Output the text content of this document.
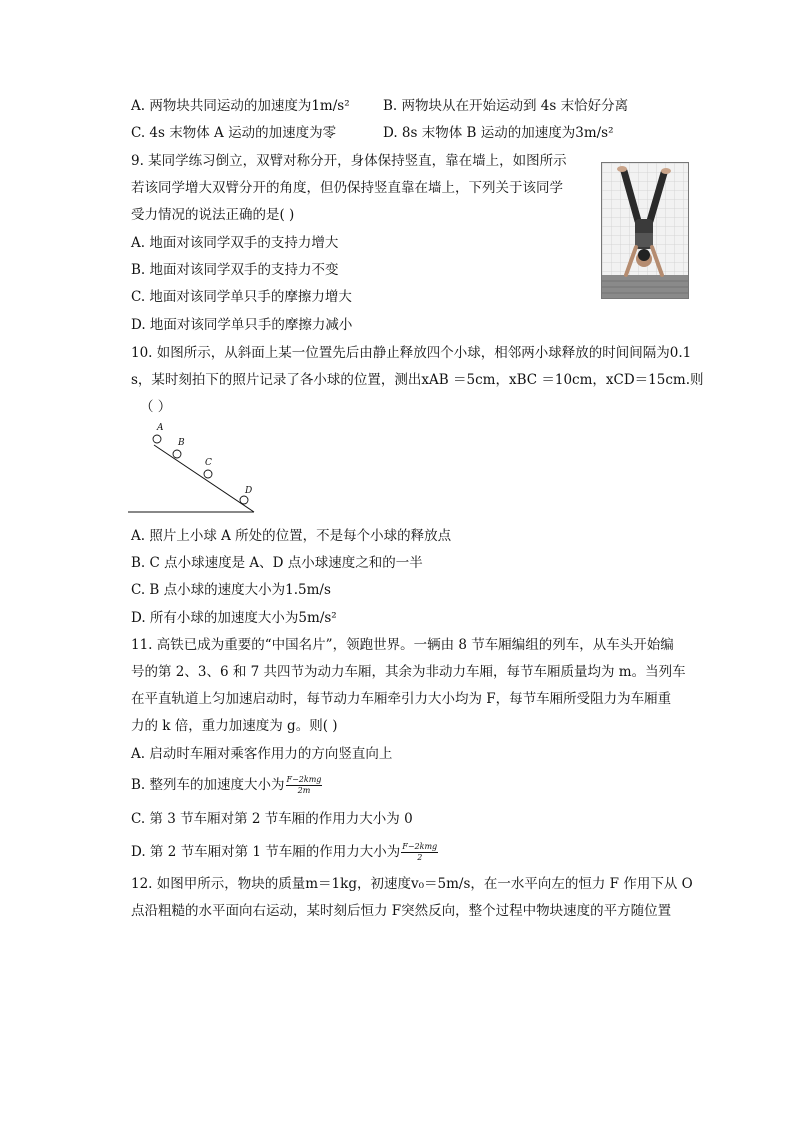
A. 两物块共同运动的加速度为1m/s² B. 两物块从在开始运动到 4s 末恰好分离
C. 4s 末物体 A 运动的加速度为零	D. 8s 末物体 B 运动的加速度为3m/s²
9. 某同学练习倒立，双臂对称分开，身体保持竖直，靠在墙上，如图所示
若该同学增大双臂分开的角度，但仍保持竖直靠在墙上，下列关于该同学
受力情况的说法正确的是( )
A. 地面对该同学双手的支持力增大
B. 地面对该同学双手的支持力不变
C. 地面对该同学单只手的摩擦力增大
D. 地面对该同学单只手的摩擦力减小
10. 如图所示，从斜面上某一位置先后由静止释放四个小球，相邻两小球释放的时间间隔为0.1
s，某时刻拍下的照片记录了各小球的位置，测出xAB ＝5cm，xBC ＝10cm，xCD＝15cm.则
（ ）
A
B
C
D
A. 照片上小球 A 所处的位置，不是每个小球的释放点
B. C 点小球速度是 A、D 点小球速度之和的一半
C. B 点小球的速度大小为1.5m/s
D. 所有小球的加速度大小为5m/s²
11. 高铁已成为重要的“中国名片”，领跑世界。一辆由 8 节车厢编组的列车，从车头开始编
号的第 2、3、6 和 7 共四节为动力车厢，其余为非动力车厢，每节车厢质量均为 m。当列车
在平直轨道上匀加速启动时，每节动力车厢牵引力大小均为 F，每节车厢所受阻力为车厢重
力的 k 倍，重力加速度为 g。则( )
A. 启动时车厢对乘客作用力的方向竖直向上
B. 整列车的加速度大小为 $\frac{\text{F−2kmg}}{2m}$
C. 第 3 节车厢对第 2 节车厢的作用力大小为 0
D. 第 2 节车厢对第 1 节车厢的作用力大小为 $\frac{\text{F−2kmg}}{2}$
12. 如图甲所示，物块的质量m＝1kg，初速度v₀＝5m/s，在一水平向左的恒力 F 作用下从 O
点沿粗糙的水平面向右运动，某时刻后恒力 F突然反向，整个过程中物块速度的平方随位置
